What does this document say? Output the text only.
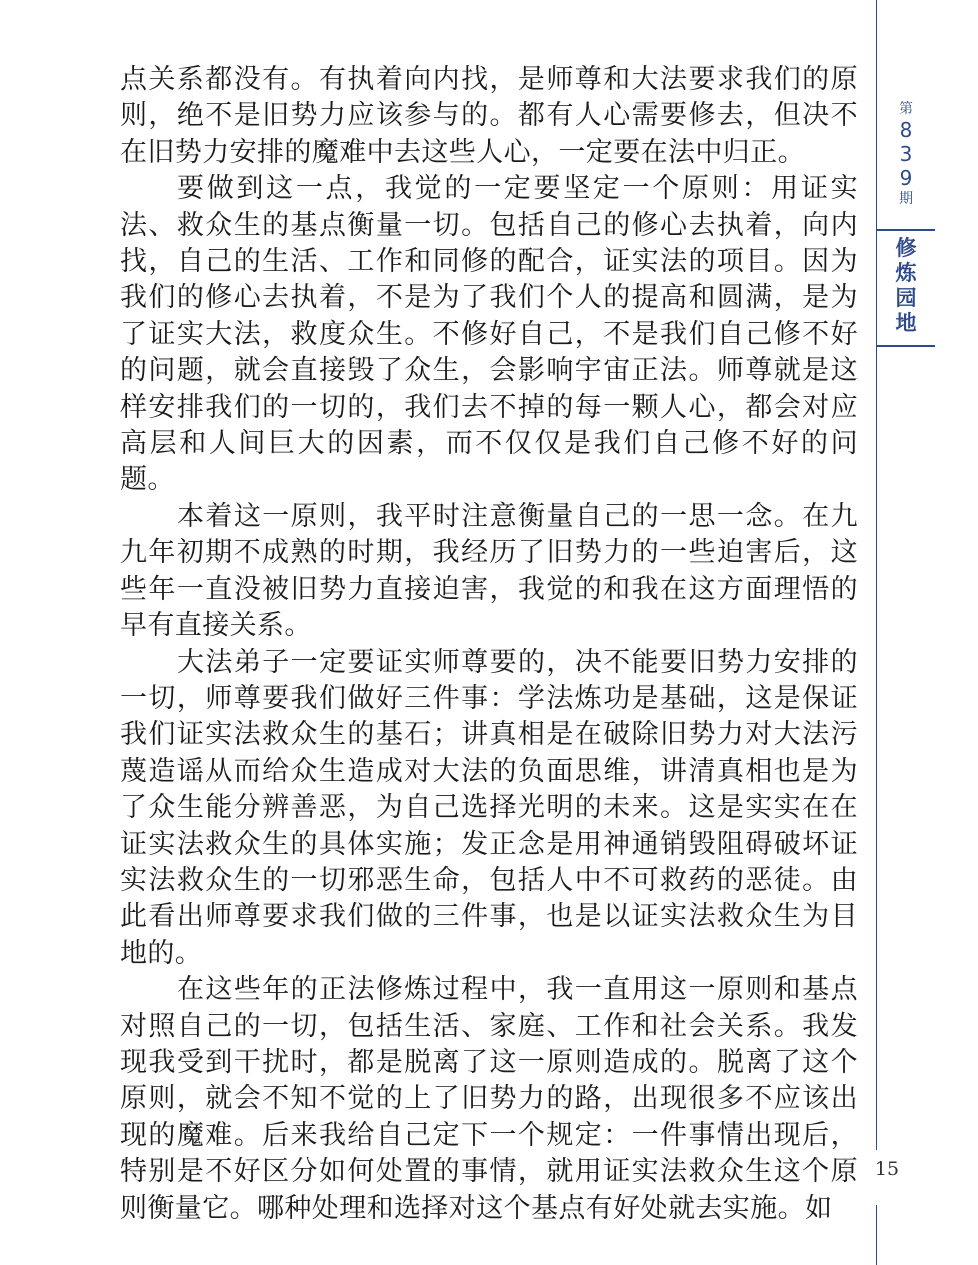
第
8
3
9
期
修
炼
园
地

点关系都没有。有执着向内找，是师尊和大法要求我们的原则，绝不是旧势力应该参与的。都有人心需要修去，但决不在旧势力安排的魔难中去这些人心，一定要在法中归正。

要做到这一点，我觉的一定要坚定一个原则：用证实法、救众生的基点衡量一切。包括自己的修心去执着，向内找，自己的生活、工作和同修的配合，证实法的项目。因为我们的修心去执着，不是为了我们个人的提高和圆满，是为了证实大法，救度众生。不修好自己，不是我们自己修不好的问题，就会直接毁了众生，会影响宇宙正法。师尊就是这样安排我们的一切的，我们去不掉的每一颗人心，都会对应高层和人间巨大的因素，而不仅仅是我们自己修不好的问题。

本着这一原则，我平时注意衡量自己的一思一念。在九九年初期不成熟的时期，我经历了旧势力的一些迫害后，这些年一直没被旧势力直接迫害，我觉的和我在这方面理悟的早有直接关系。

大法弟子一定要证实师尊要的，决不能要旧势力安排的一切，师尊要我们做好三件事：学法炼功是基础，这是保证我们证实法救众生的基石；讲真相是在破除旧势力对大法污蔑造谣从而给众生造成对大法的负面思维，讲清真相也是为了众生能分辨善恶，为自己选择光明的未来。这是实实在在证实法救众生的具体实施；发正念是用神通销毁阻碍破坏证实法救众生的一切邪恶生命，包括人中不可救药的恶徒。由此看出师尊要求我们做的三件事，也是以证实法救众生为目地的。

在这些年的正法修炼过程中，我一直用这一原则和基点对照自己的一切，包括生活、家庭、工作和社会关系。我发现我受到干扰时，都是脱离了这一原则造成的。脱离了这个原则，就会不知不觉的上了旧势力的路，出现很多不应该出现的魔难。后来我给自己定下一个规定：一件事情出现后，特别是不好区分如何处置的事情，就用证实法救众生这个原则衡量它。哪种处理和选择对这个基点有好处就去实施。如

15
